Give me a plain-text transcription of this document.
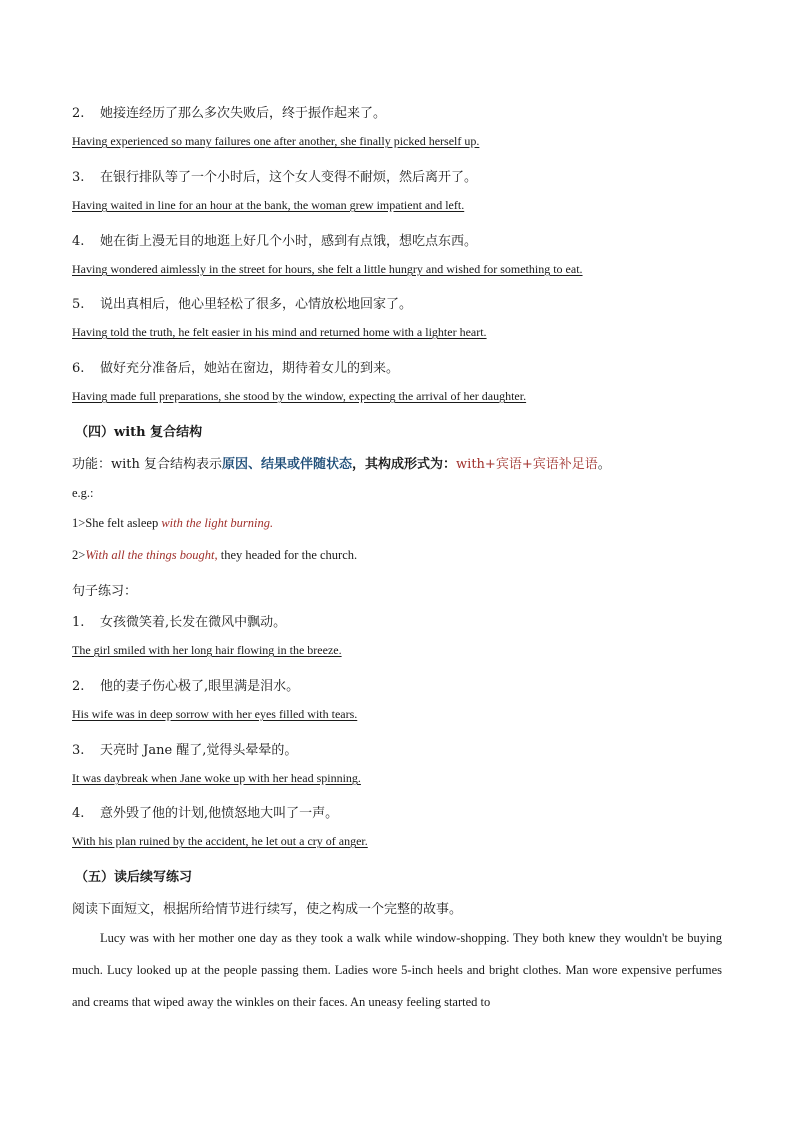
2. 她接连经历了那么多次失败后，终于振作起来了。
Having experienced so many failures one after another, she finally picked herself up.
3. 在银行排队等了一个小时后，这个女人变得不耐烦，然后离开了。
Having waited in line for an hour at the bank, the woman grew impatient and left.
4. 她在街上漫无目的地逛上好几个小时，感到有点饿，想吃点东西。
Having wondered aimlessly in the street for hours, she felt a little hungry and wished for something to eat.
5. 说出真相后，他心里轻松了很多，心情放松地回家了。
Having told the truth, he felt easier in his mind and returned home with a lighter heart.
6. 做好充分准备后，她站在窗边，期待着女儿的到来。
Having made full preparations, she stood by the window, expecting the arrival of her daughter.
（四）with 复合结构
功能：with 复合结构表示原因、结果或伴随状态，其构成形式为：with+宾语+宾语补足语。
e.g.:
1>She felt asleep with the light burning.
2>With all the things bought, they headed for the church.
句子练习：
1. 女孩微笑着,长发在微风中飘动。
The girl smiled with her long hair flowing in the breeze.
2. 他的妻子伤心极了,眼里满是泪水。
His wife was in deep sorrow with her eyes filled with tears.
3. 天亮时 Jane 醒了,觉得头晕晕的。
It was daybreak when Jane woke up with her head spinning.
4. 意外毁了他的计划,他愤怒地大叫了一声。
With his plan ruined by the accident, he let out a cry of anger.
（五）读后续写练习
阅读下面短文，根据所给情节进行续写，使之构成一个完整的故事。
Lucy was with her mother one day as they took a walk while window-shopping. They both knew they wouldn't be buying much. Lucy looked up at the people passing them. Ladies wore 5-inch heels and bright clothes. Man wore expensive perfumes and creams that wiped away the winkles on their faces. An uneasy feeling started to
